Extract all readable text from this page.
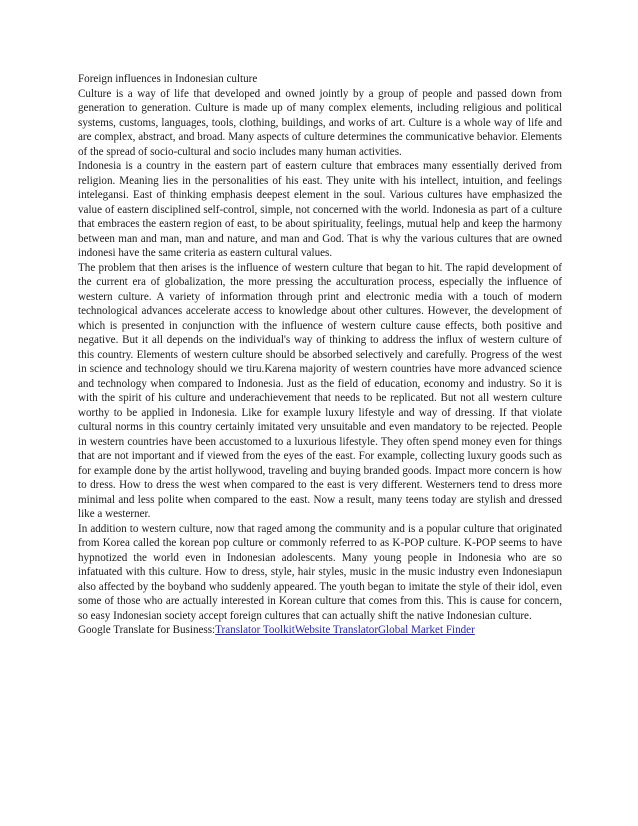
Foreign influences in Indonesian culture

Culture is a way of life that developed and owned jointly by a group of people and passed down from generation to generation. Culture is made up of many complex elements, including religious and political systems, customs, languages, tools, clothing, buildings, and works of art. Culture is a whole way of life and are complex, abstract, and broad. Many aspects of culture determines the communicative behavior. Elements of the spread of socio-cultural and socio includes many human activities.

Indonesia is a country in the eastern part of eastern culture that embraces many essentially derived from religion. Meaning lies in the personalities of his east. They unite with his intellect, intuition, and feelings intelegansi. East of thinking emphasis deepest element in the soul. Various cultures have emphasized the value of eastern disciplined self-control, simple, not concerned with the world. Indonesia as part of a culture that embraces the eastern region of east, to be about spirituality, feelings, mutual help and keep the harmony between man and man, man and nature, and man and God. That is why the various cultures that are owned indonesi have the same criteria as eastern cultural values.

The problem that then arises is the influence of western culture that began to hit. The rapid development of the current era of globalization, the more pressing the acculturation process, especially the influence of western culture. A variety of information through print and electronic media with a touch of modern technological advances accelerate access to knowledge about other cultures. However, the development of which is presented in conjunction with the influence of western culture cause effects, both positive and negative. But it all depends on the individual's way of thinking to address the influx of western culture of this country. Elements of western culture should be absorbed selectively and carefully. Progress of the west in science and technology should we tiru.Karena majority of western countries have more advanced science and technology when compared to Indonesia. Just as the field of education, economy and industry. So it is with the spirit of his culture and underachievement that needs to be replicated. But not all western culture worthy to be applied in Indonesia. Like for example luxury lifestyle and way of dressing. If that violate cultural norms in this country certainly imitated very unsuitable and even mandatory to be rejected. People in western countries have been accustomed to a luxurious lifestyle. They often spend money even for things that are not important and if viewed from the eyes of the east. For example, collecting luxury goods such as for example done by the artist hollywood, traveling and buying branded goods. Impact more concern is how to dress. How to dress the west when compared to the east is very different. Westerners tend to dress more minimal and less polite when compared to the east. Now a result, many teens today are stylish and dressed like a westerner.

In addition to western culture, now that raged among the community and is a popular culture that originated from Korea called the korean pop culture or commonly referred to as K-POP culture. K-POP seems to have hypnotized the world even in Indonesian adolescents. Many young people in Indonesia who are so infatuated with this culture. How to dress, style, hair styles, music in the music industry even Indonesiapun also affected by the boyband who suddenly appeared. The youth began to imitate the style of their idol, even some of those who are actually interested in Korean culture that comes from this. This is cause for concern, so easy Indonesian society accept foreign cultures that can actually shift the native Indonesian culture.

Google Translate for Business:Translator ToolkitWebsite TranslatorGlobal Market Finder
